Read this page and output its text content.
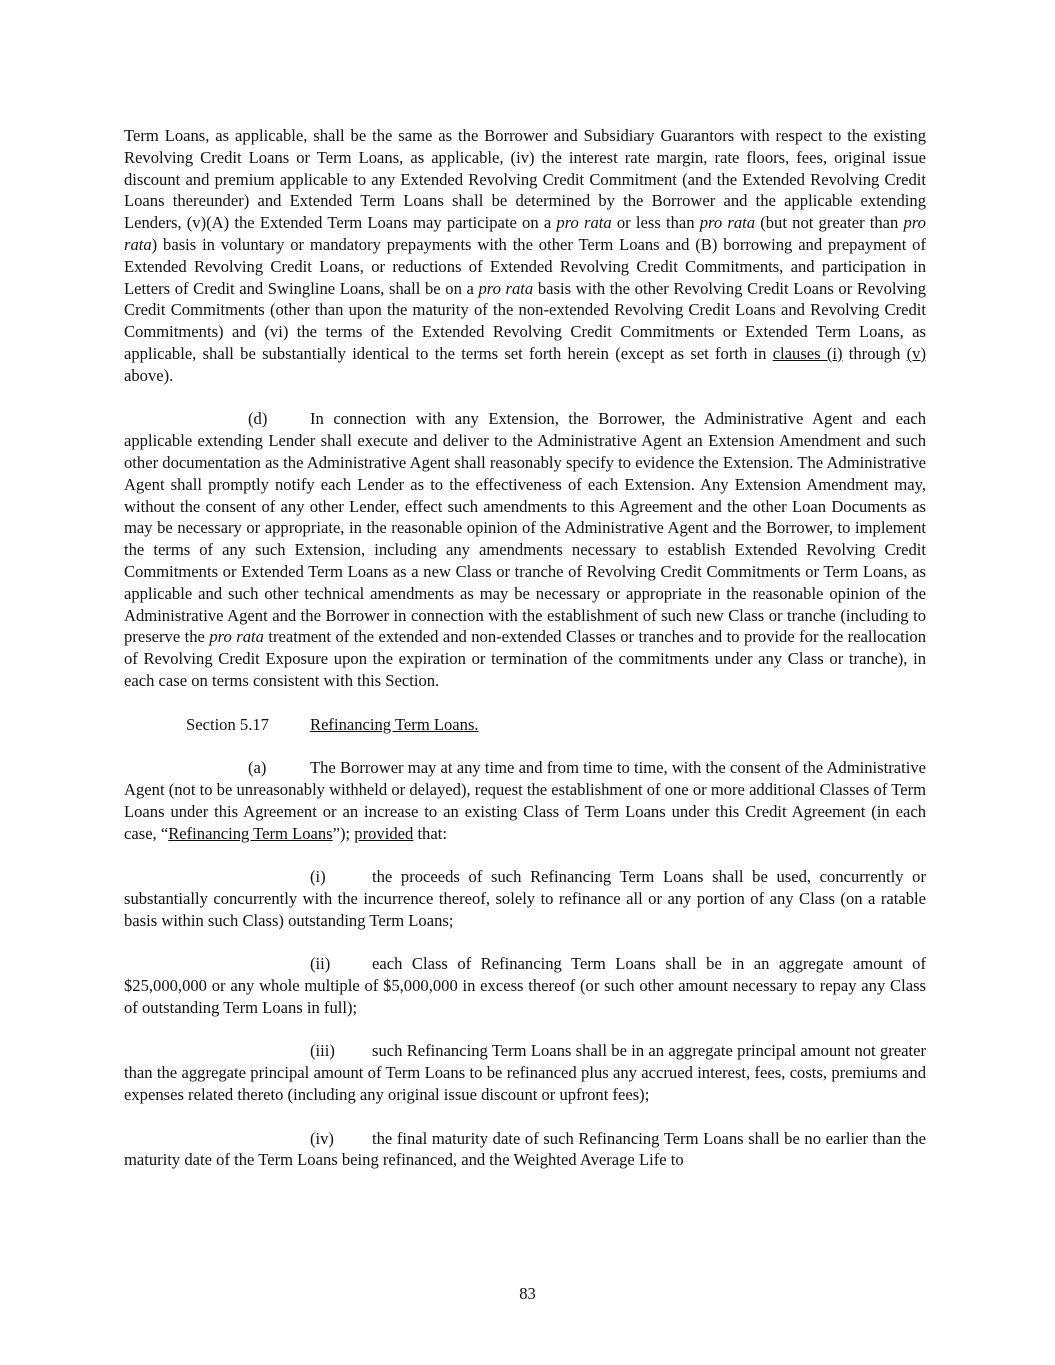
Term Loans, as applicable, shall be the same as the Borrower and Subsidiary Guarantors with respect to the existing Revolving Credit Loans or Term Loans, as applicable, (iv) the interest rate margin, rate floors, fees, original issue discount and premium applicable to any Extended Revolving Credit Commitment (and the Extended Revolving Credit Loans thereunder) and Extended Term Loans shall be determined by the Borrower and the applicable extending Lenders, (v)(A) the Extended Term Loans may participate on a pro rata or less than pro rata (but not greater than pro rata) basis in voluntary or mandatory prepayments with the other Term Loans and (B) borrowing and prepayment of Extended Revolving Credit Loans, or reductions of Extended Revolving Credit Commitments, and participation in Letters of Credit and Swingline Loans, shall be on a pro rata basis with the other Revolving Credit Loans or Revolving Credit Commitments (other than upon the maturity of the non-extended Revolving Credit Loans and Revolving Credit Commitments) and (vi) the terms of the Extended Revolving Credit Commitments or Extended Term Loans, as applicable, shall be substantially identical to the terms set forth herein (except as set forth in clauses (i) through (v) above).

(d)	In connection with any Extension, the Borrower, the Administrative Agent and each applicable extending Lender shall execute and deliver to the Administrative Agent an Extension Amendment and such other documentation as the Administrative Agent shall reasonably specify to evidence the Extension. The Administrative Agent shall promptly notify each Lender as to the effectiveness of each Extension. Any Extension Amendment may, without the consent of any other Lender, effect such amendments to this Agreement and the other Loan Documents as may be necessary or appropriate, in the reasonable opinion of the Administrative Agent and the Borrower, to implement the terms of any such Extension, including any amendments necessary to establish Extended Revolving Credit Commitments or Extended Term Loans as a new Class or tranche of Revolving Credit Commitments or Term Loans, as applicable and such other technical amendments as may be necessary or appropriate in the reasonable opinion of the Administrative Agent and the Borrower in connection with the establishment of such new Class or tranche (including to preserve the pro rata treatment of the extended and non-extended Classes or tranches and to provide for the reallocation of Revolving Credit Exposure upon the expiration or termination of the commitments under any Class or tranche), in each case on terms consistent with this Section.

Section 5.17 Refinancing Term Loans.

(a)	The Borrower may at any time and from time to time, with the consent of the Administrative Agent (not to be unreasonably withheld or delayed), request the establishment of one or more additional Classes of Term Loans under this Agreement or an increase to an existing Class of Term Loans under this Credit Agreement (in each case, “Refinancing Term Loans”); provided that:

(i)	the proceeds of such Refinancing Term Loans shall be used, concurrently or substantially concurrently with the incurrence thereof, solely to refinance all or any portion of any Class (on a ratable basis within such Class) outstanding Term Loans;

(ii)	each Class of Refinancing Term Loans shall be in an aggregate amount of $25,000,000 or any whole multiple of $5,000,000 in excess thereof (or such other amount necessary to repay any Class of outstanding Term Loans in full);

(iii) such Refinancing Term Loans shall be in an aggregate principal amount not greater than the aggregate principal amount of Term Loans to be refinanced plus any accrued interest, fees, costs, premiums and expenses related thereto (including any original issue discount or upfront fees);

(iv) the final maturity date of such Refinancing Term Loans shall be no earlier than the maturity date of the Term Loans being refinanced, and the Weighted Average Life to

83
